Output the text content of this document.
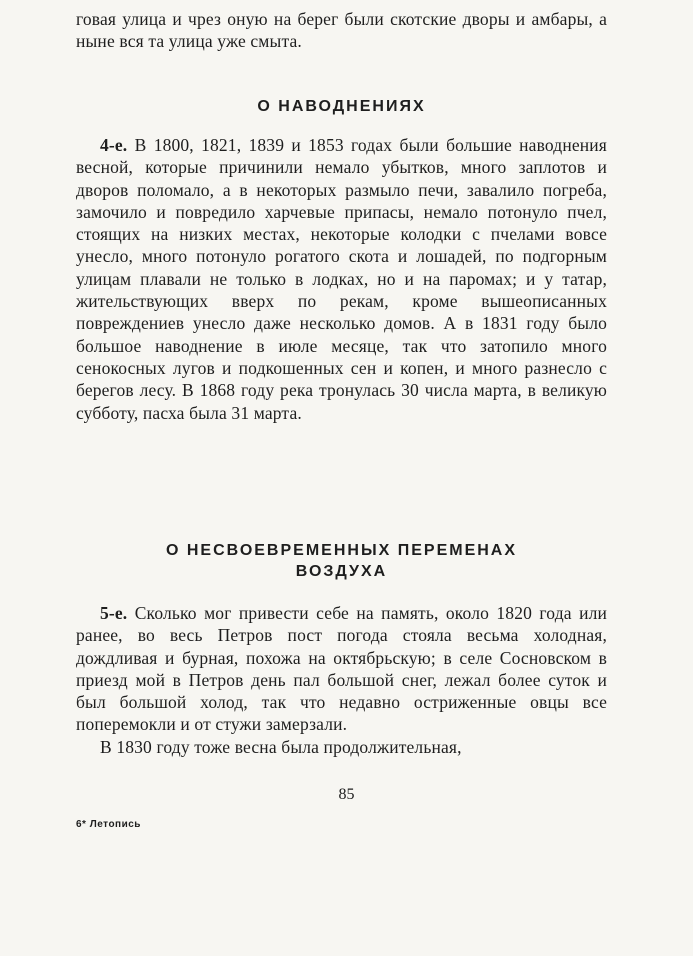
говая улица и чрез оную на берег были скотские дворы и амбары, а ныне вся та улица уже смыта.

О НАВОДНЕНИЯХ

4-е. В 1800, 1821, 1839 и 1853 годах были большие наводнения весной, которые причинили немало убытков, много заплотов и дворов поломало, а в некоторых размыло печи, завалило погреба, замочило и повредило харчевые припасы, немало потонуло пчел, стоящих на низких местах, некоторые колодки с пчелами вовсе унесло, много потонуло рогатого скота и лошадей, по подгорным улицам плавали не только в лодках, но и на паромах; и у татар, жительствующих вверх по рекам, кроме вышеописанных повреждениев унесло даже несколько домов. А в 1831 году было большое наводнение в июле месяце, так что затопило много сенокосных лугов и подкошенных сен и копен, и много разнесло с берегов лесу. В 1868 году река тронулась 30 числа марта, в великую субботу, пасха была 31 марта.

О НЕСВОЕВРЕМЕННЫХ ПЕРЕМЕНАХ
ВОЗДУХА

5-е. Сколько мог привести себе на память, около 1820 года или ранее, во весь Петров пост погода стояла весьма холодная, дождливая и бурная, похожа на октябрьскую; в селе Сосновском в приезд мой в Петров день пал большой снег, лежал более суток и был большой холод, так что недавно остриженные овцы все поперемокли и от стужи замерзали.

В 1830 году тоже весна была продолжительная,

85
6* Летопись
